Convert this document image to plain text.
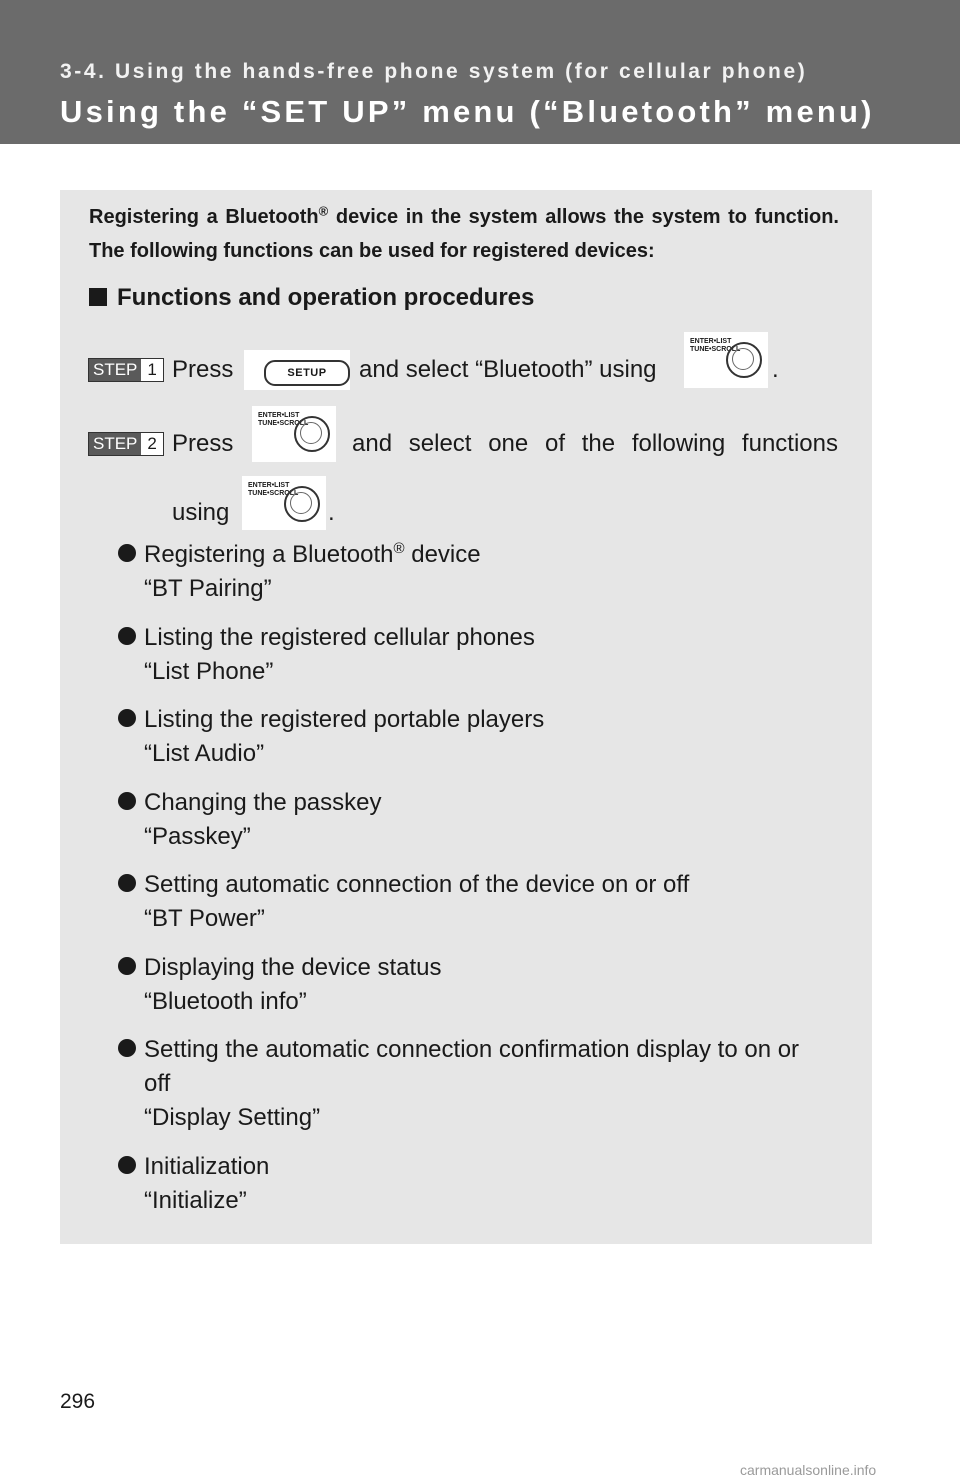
3-4. Using the hands-free phone system (for cellular phone)
Using the “SET UP” menu (“Bluetooth” menu)
Registering a Bluetooth® device in the system allows the system to function. The following functions can be used for registered devices:
Functions and operation procedures
STEP 1 Press	SETUP	and select “Bluetooth” using
ENTER•LIST
TUNE•SCROLL
.
STEP 2 Press
ENTER•LIST
TUNE•SCROLL
and select one of the following functions
using
ENTER•LIST
TUNE•SCROLL
.
Registering a Bluetooth® device
“BT Pairing”
Listing the registered cellular phones
“List Phone”
Listing the registered portable players
“List Audio”
Changing the passkey
“Passkey”
Setting automatic connection of the device on or off
“BT Power”
Displaying the device status
“Bluetooth info”
Setting the automatic connection confirmation display to on or
off
“Display Setting”
Initialization
“Initialize”
296
carmanualsonline.info
